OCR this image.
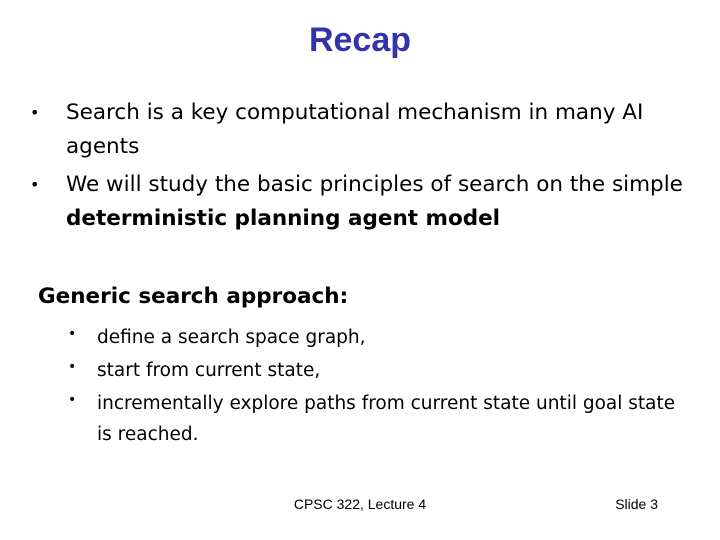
Recap
• Search is a key computational mechanism in many AI agents
• We will study the basic principles of search on the simple deterministic planning agent model
Generic search approach:
• define a search space graph,
• start from current state,
• incrementally explore paths from current state until goal state is reached.
CPSC 322, Lecture 4	Slide 3
